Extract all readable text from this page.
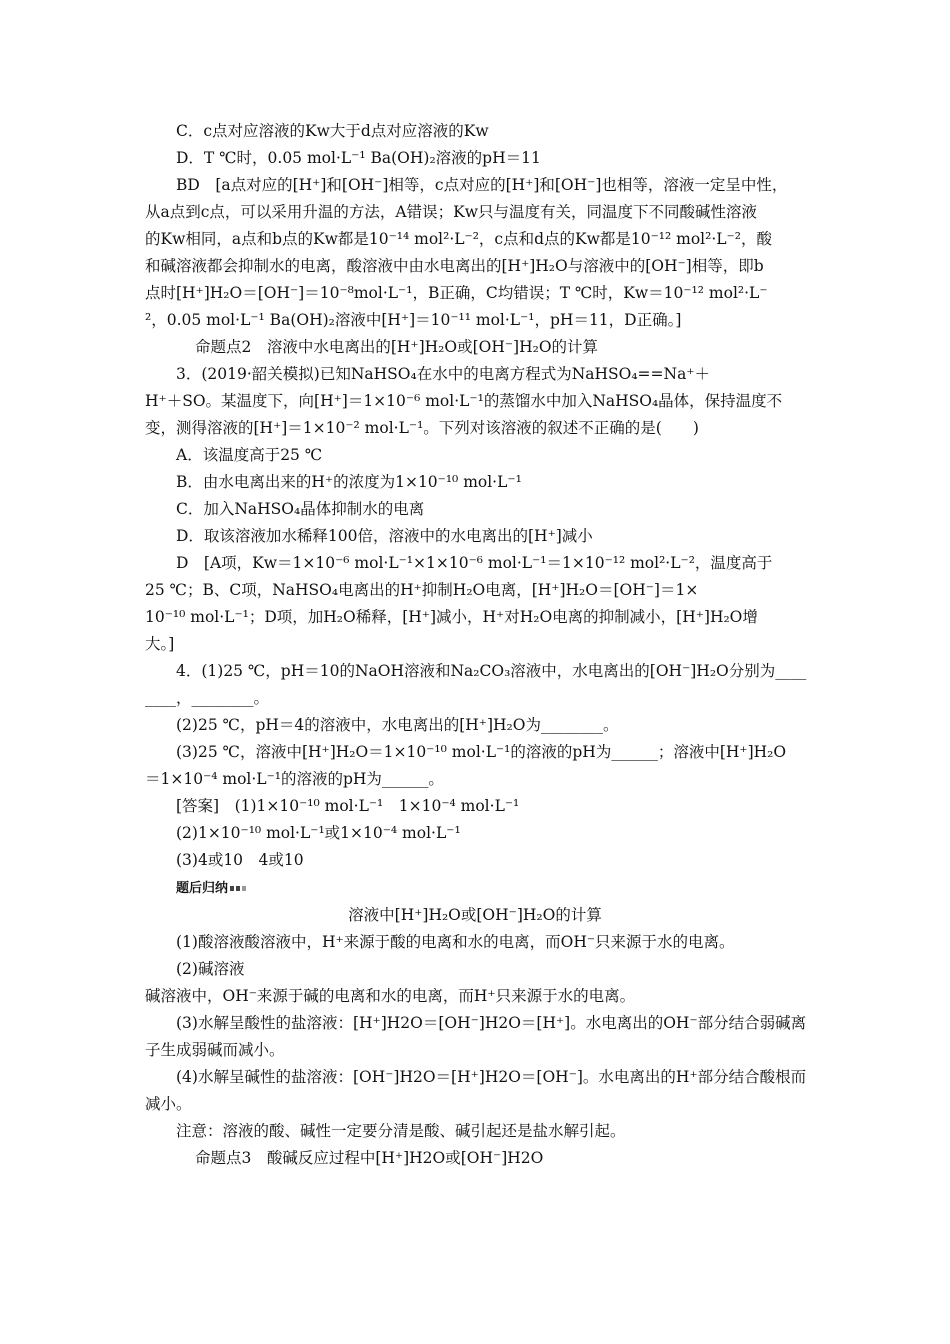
C．c点对应溶液的Kw大于d点对应溶液的Kw
D．T ℃时，0.05 mol·L⁻¹ Ba(OH)₂溶液的pH＝11
BD　[a点对应的[H⁺]和[OH⁻]相等，c点对应的[H⁺]和[OH⁻]也相等，溶液一定呈中性，
从a点到c点，可以采用升温的方法，A错误；Kw只与温度有关，同温度下不同酸碱性溶液
的Kw相同，a点和b点的Kw都是10⁻¹⁴ mol²·L⁻²，c点和d点的Kw都是10⁻¹² mol²·L⁻²，酸
和碱溶液都会抑制水的电离，酸溶液中由水电离出的[H⁺]H₂O与溶液中的[OH⁻]相等，即b
点时[H⁺]H₂O＝[OH⁻]＝10⁻⁸mol·L⁻¹，B正确，C均错误；T ℃时，Kw＝10⁻¹² mol²·L⁻
²，0.05 mol·L⁻¹ Ba(OH)₂溶液中[H⁺]＝10⁻¹¹ mol·L⁻¹，pH＝11，D正确。]
命题点2　溶液中水电离出的[H⁺]H₂O或[OH⁻]H₂O的计算
3．(2019·韶关模拟)已知NaHSO₄在水中的电离方程式为NaHSO₄==Na⁺＋
H⁺＋SO。某温度下，向[H⁺]＝1×10⁻⁶ mol·L⁻¹的蒸馏水中加入NaHSO₄晶体，保持温度不
变，测得溶液的[H⁺]＝1×10⁻² mol·L⁻¹。下列对该溶液的叙述不正确的是(　　)
A．该温度高于25 ℃
B．由水电离出来的H⁺的浓度为1×10⁻¹⁰ mol·L⁻¹
C．加入NaHSO₄晶体抑制水的电离
D．取该溶液加水稀释100倍，溶液中的水电离出的[H⁺]减小
D　[A项，Kw＝1×10⁻⁶ mol·L⁻¹×1×10⁻⁶ mol·L⁻¹＝1×10⁻¹² mol²·L⁻²，温度高于
25 ℃；B、C项，NaHSO₄电离出的H⁺抑制H₂O电离，[H⁺]H₂O＝[OH⁻]＝1×
10⁻¹⁰ mol·L⁻¹；D项，加H₂O稀释，[H⁺]减小，H⁺对H₂O电离的抑制减小，[H⁺]H₂O增
大。]
4．(1)25 ℃，pH＝10的NaOH溶液和Na₂CO₃溶液中，水电离出的[OH⁻]H₂O分别为____
____，________。
(2)25 ℃，pH＝4的溶液中，水电离出的[H⁺]H₂O为________。
(3)25 ℃，溶液中[H⁺]H₂O＝1×10⁻¹⁰ mol·L⁻¹的溶液的pH为______；溶液中[H⁺]H₂O
＝1×10⁻⁴ mol·L⁻¹的溶液的pH为______。
[答案]　(1)1×10⁻¹⁰ mol·L⁻¹　1×10⁻⁴ mol·L⁻¹
(2)1×10⁻¹⁰ mol·L⁻¹或1×10⁻⁴ mol·L⁻¹
(3)4或10　4或10
题后归纳
溶液中[H⁺]H₂O或[OH⁻]H₂O的计算
(1)酸溶液酸溶液中，H⁺来源于酸的电离和水的电离，而OH⁻只来源于水的电离。
(2)碱溶液
碱溶液中，OH⁻来源于碱的电离和水的电离，而H⁺只来源于水的电离。
(3)水解呈酸性的盐溶液：[H⁺]H2O＝[OH⁻]H2O＝[H⁺]。水电离出的OH⁻部分结合弱碱离
子生成弱碱而减小。
(4)水解呈碱性的盐溶液：[OH⁻]H2O＝[H⁺]H2O＝[OH⁻]。水电离出的H⁺部分结合酸根而
减小。
注意：溶液的酸、碱性一定要分清是酸、碱引起还是盐水解引起。
命题点3　酸碱反应过程中[H⁺]H2O或[OH⁻]H2O
